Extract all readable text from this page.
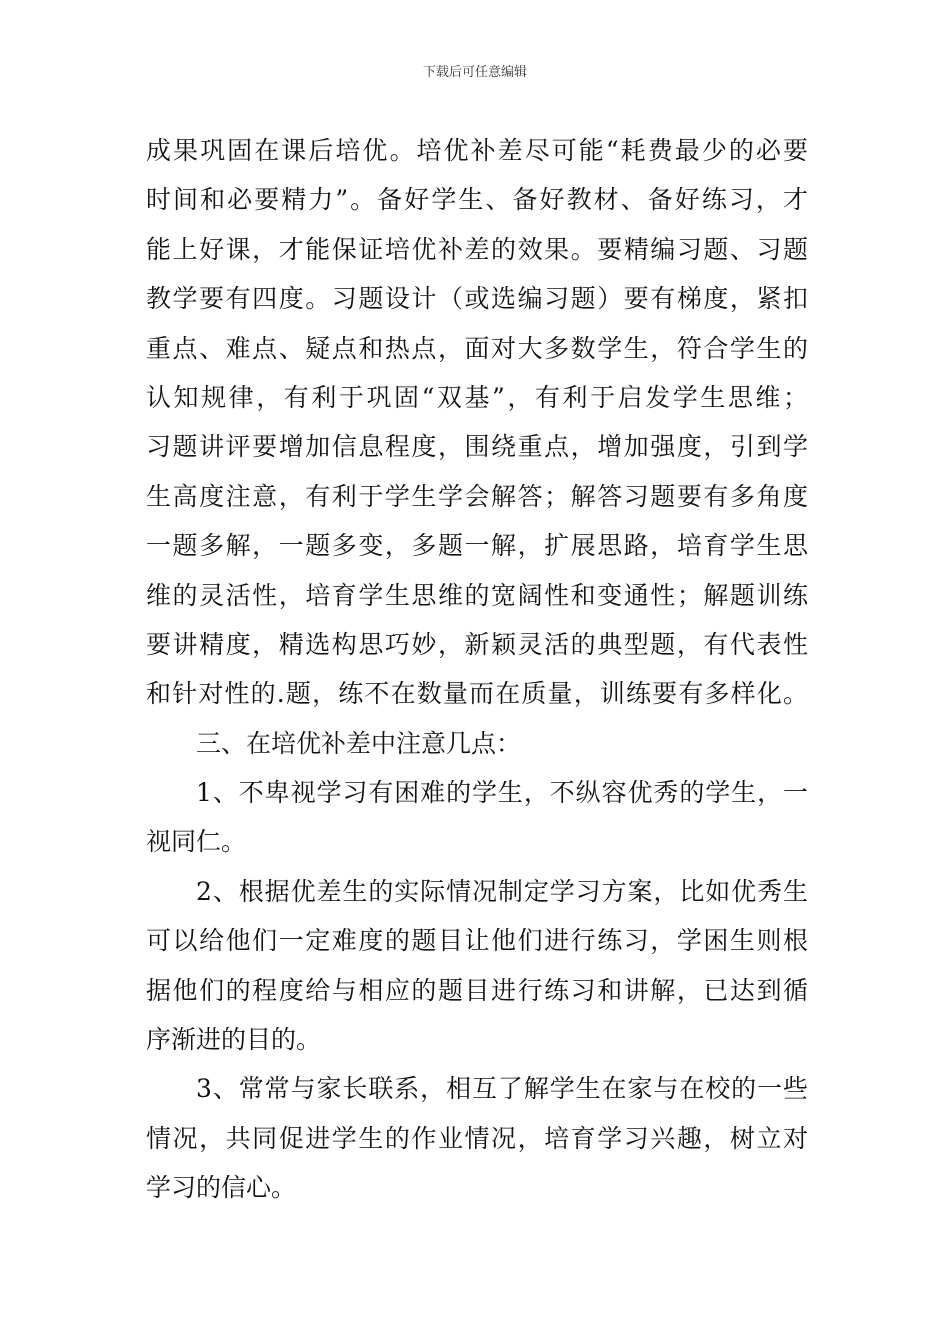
下载后可任意编辑
成果巩固在课后培优。培优补差尽可能“耗费最少的必要
时间和必要精力”。备好学生、备好教材、备好练习，才
能上好课，才能保证培优补差的效果。要精编习题、习题
教学要有四度。习题设计（或选编习题）要有梯度，紧扣
重点、难点、疑点和热点，面对大多数学生，符合学生的
认知规律，有利于巩固“双基”，有利于启发学生思维；
习题讲评要增加信息程度，围绕重点，增加强度，引到学
生高度注意，有利于学生学会解答；解答习题要有多角度
一题多解，一题多变，多题一解，扩展思路，培育学生思
维的灵活性，培育学生思维的宽阔性和变通性；解题训练
要讲精度，精选构思巧妙，新颖灵活的典型题，有代表性
和针对性的.题，练不在数量而在质量，训练要有多样化。
三、在培优补差中注意几点：
1、不卑视学习有困难的学生，不纵容优秀的学生，一
视同仁。
2、根据优差生的实际情况制定学习方案，比如优秀生
可以给他们一定难度的题目让他们进行练习，学困生则根
据他们的程度给与相应的题目进行练习和讲解，已达到循
序渐进的目的。
3、常常与家长联系，相互了解学生在家与在校的一些
情况，共同促进学生的作业情况，培育学习兴趣，树立对
学习的信心。
